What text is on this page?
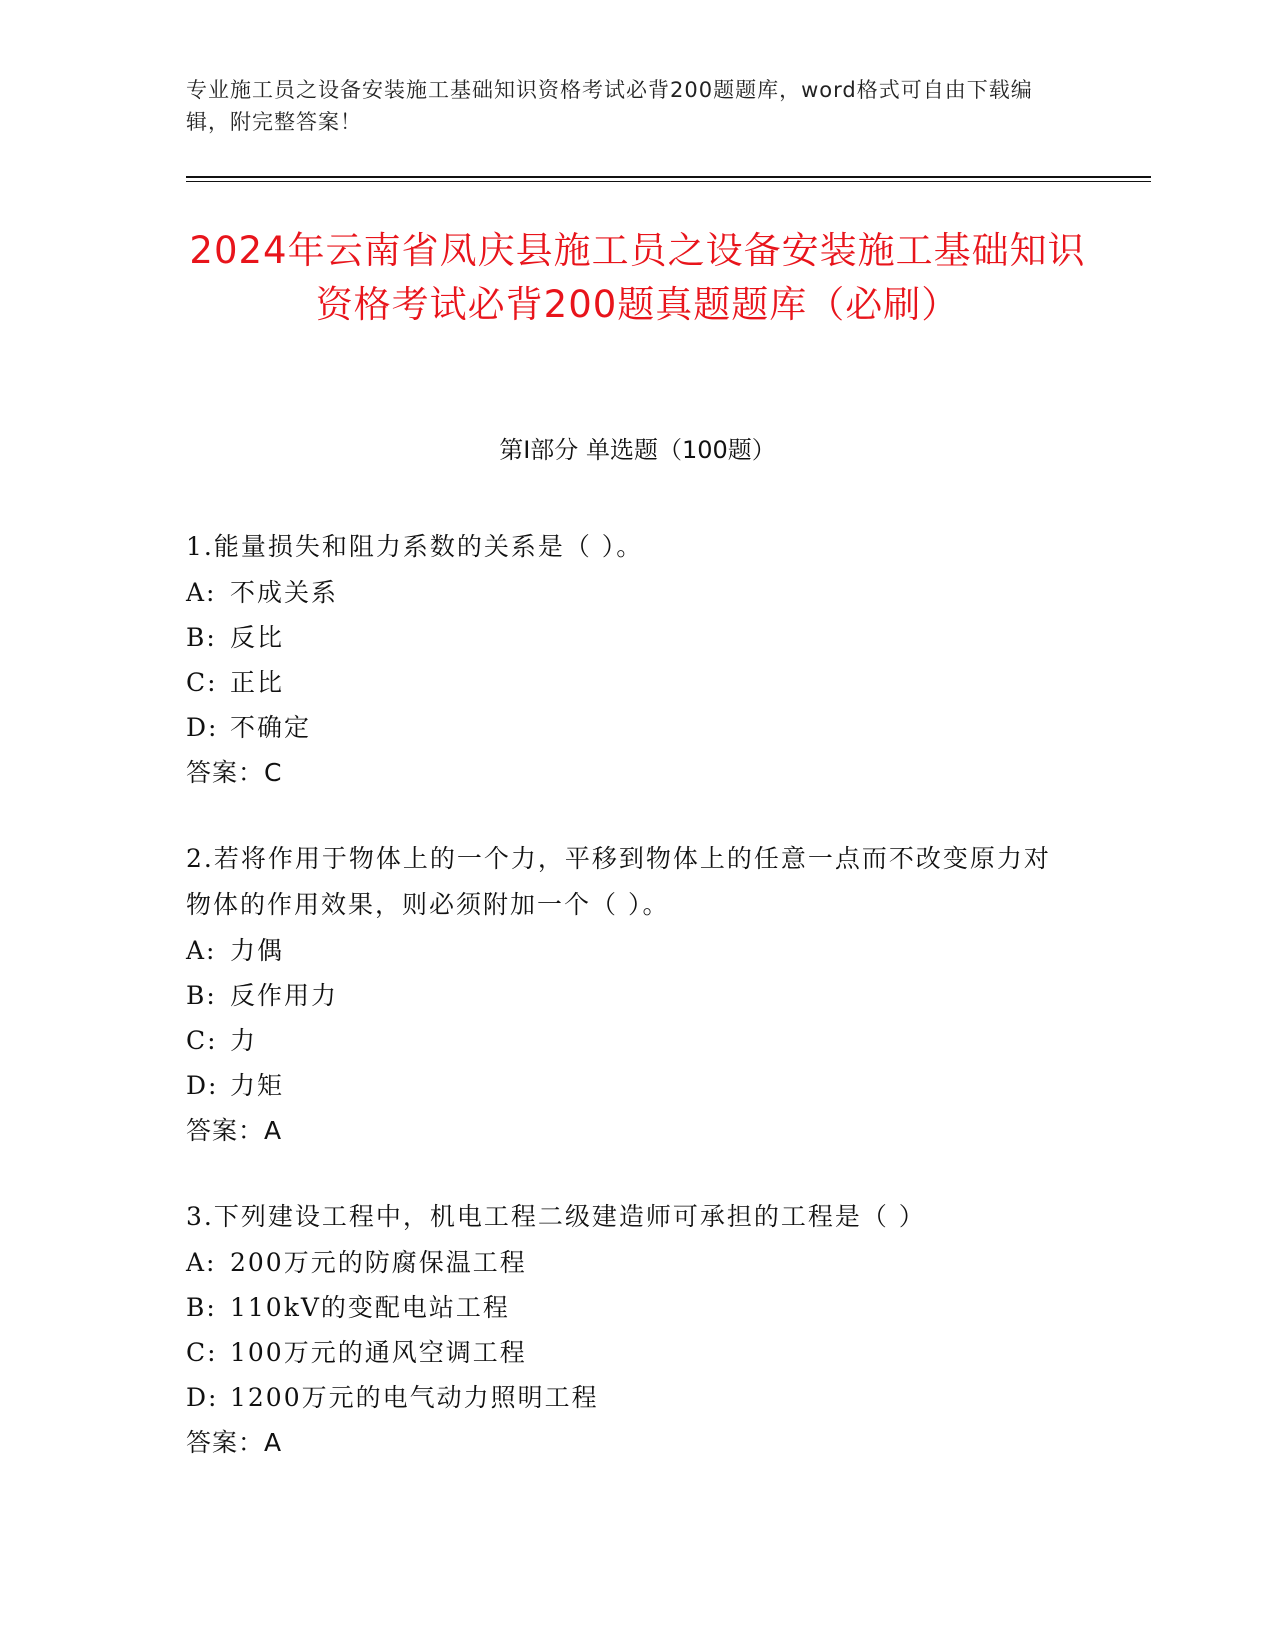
专业施工员之设备安装施工基础知识资格考试必背200题题库，word格式可自由下载编辑，附完整答案！
2024年云南省凤庆县施工员之设备安装施工基础知识资格考试必背200题真题题库（必刷）
第Ⅰ部分 单选题（100题）
1.能量损失和阻力系数的关系是（ ）。
A: 不成关系
B: 反比
C: 正比
D: 不确定
答案：C
2.若将作用于物体上的一个力，平移到物体上的任意一点而不改变原力对物体的作用效果，则必须附加一个（ ）。
A: 力偶
B: 反作用力
C: 力
D: 力矩
答案：A
3.下列建设工程中，机电工程二级建造师可承担的工程是（ ）
A: 200万元的防腐保温工程
B: 110kV的变配电站工程
C: 100万元的通风空调工程
D: 1200万元的电气动力照明工程
答案：A
